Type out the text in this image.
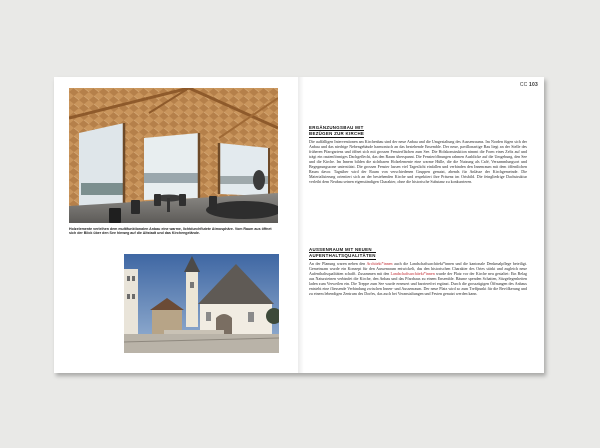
CC 103
Holzelemente verleihen dem multifunktionalen Anbau eine warme, lichtdurchflutete Atmosphäre. Vom Raum aus öffnet sich der Blick über den See hinweg auf die Altstadt und das Kirchengelände.
ERGÄNZUNGSBAU MIT
BEZÜGEN ZUR KIRCHE

Die auffälligen Interventionen am Kirchenbau sind der neue Anbau und die Umgestaltung des Aussenraums. Im Norden fügen sich der Anbau und das niedrige Nebengebäude harmonisch an das bestehende Ensemble. Der neue, pavillonartige Bau liegt an der Stelle des früheren Pfarrgartens und öffnet sich mit grossen Fensterflächen zum See. Die Holzkonstruktion nimmt die Form eines Zelts auf und trägt ein rautenförmiges Dachgeflecht, das den Raum überspannt. Die Fensteröffnungen rahmen Ausblicke auf die Umgebung, den See und die Kirche. Im Innern bilden die sichtbaren Holzelemente eine warme Hülle, die die Nutzung als Café, Versammlungsort und Begegnungszone unterstützt. Die grossen Fenster lassen viel Tageslicht einfallen und verbinden den Innenraum mit dem öffentlichen Raum davor. Tagsüber wird der Raum von verschiedenen Gruppen genutzt, abends für Anlässe der Kirchgemeinde. Die Materialisierung orientiert sich an der bestehenden Kirche und respektiert ihre Präsenz im Ortsbild. Die feingliedrige Dachstruktur verleiht dem Neubau seinen eigenständigen Charakter, ohne die historische Substanz zu konkurrieren.

AUSSENRAUM MIT NEUEN
AUFENTHALTSQUALITÄTEN

An der Planung waren neben den Architekt*innen auch die Landschaftsarchitekt*innen und die kantonale Denkmalpflege beteiligt. Gemeinsam wurde ein Konzept für den Aussenraum entwickelt, das den historischen Charakter des Ortes stärkt und zugleich neue Aufenthaltsqualitäten schafft. Zusammen mit den Landschaftsarchitekt*innen wurde der Platz vor der Kirche neu gestaltet: Ein Belag aus Natursteinen verbindet die Kirche, den Anbau und das Pfarrhaus zu einem Ensemble. Bäume spenden Schatten, Sitzgelegenheiten laden zum Verweilen ein. Die Treppe zum See wurde erneuert und barrierefrei ergänzt. Durch die grosszügigen Öffnungen des Anbaus entsteht eine fliessende Verbindung zwischen Innen- und Aussenraum. Der neue Platz wird so zum Treffpunkt für die Bevölkerung und zu einem lebendigen Zentrum des Dorfes, das auch bei Veranstaltungen und Festen genutzt werden kann.
